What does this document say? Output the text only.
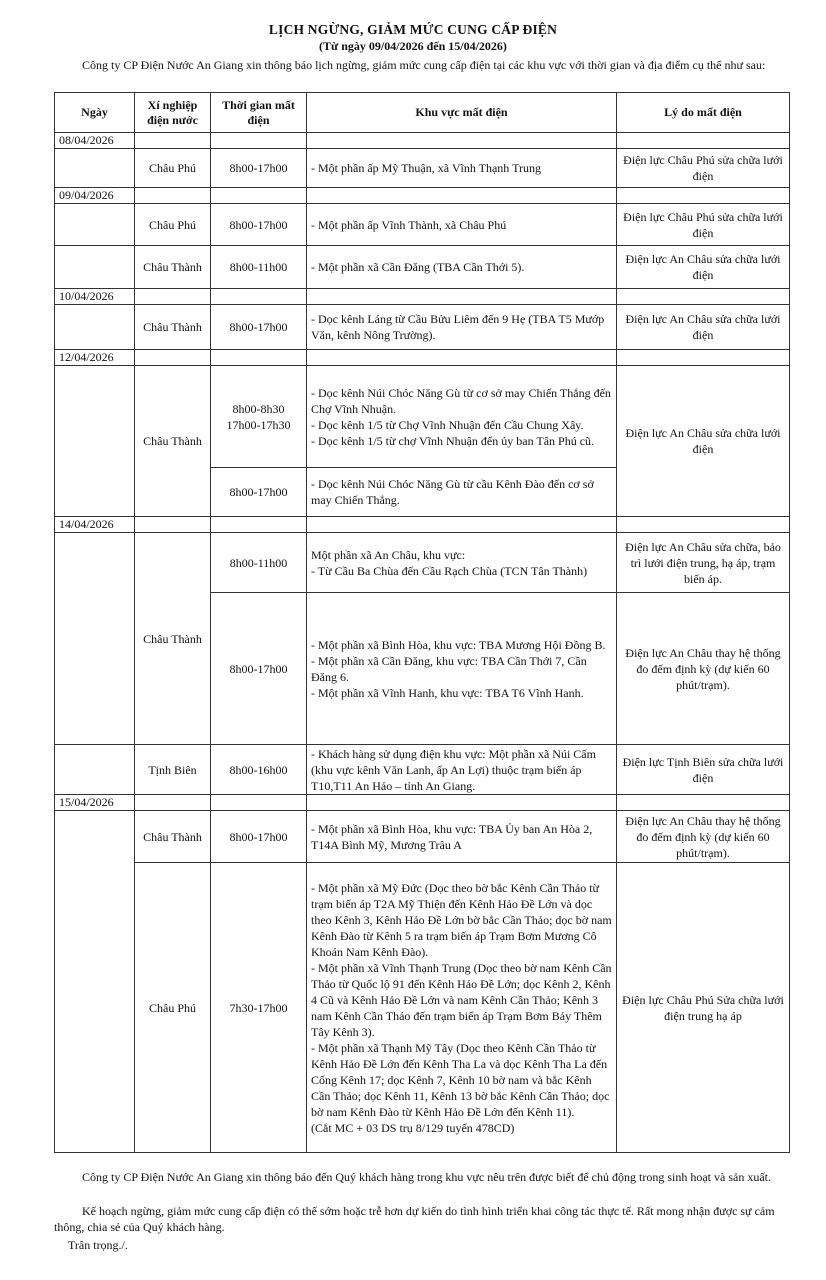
LỊCH NGỪNG, GIẢM MỨC CUNG CẤP ĐIỆN
(Từ ngày 09/04/2026 đến 15/04/2026)

Công ty CP Điện Nước An Giang xin thông báo lịch ngừng, giảm mức cung cấp điện tại các khu vực với thời gian và địa điểm cụ thể như sau:

Ngày	Xí nghiệp điện nước	Thời gian mất điện	Khu vực mất điện	Lý do mất điện
08/04/2026				
	Châu Phú	8h00-17h00	- Một phần ấp Mỹ Thuận, xã Vĩnh Thạnh Trung	Điện lực Châu Phú sửa chữa lưới điện
09/04/2026				
	Châu Phú	8h00-17h00	- Một phần ấp Vĩnh Thành, xã Châu Phú	Điện lực Châu Phú sửa chữa lưới điện
	Châu Thành	8h00-11h00	- Một phần xã Cần Đăng (TBA Cần Thới 5).	Điện lực An Châu sửa chữa lưới điện
10/04/2026				
	Châu Thành	8h00-17h00	- Dọc kênh Láng từ Cầu Bửu Liêm đến 9 Hẹ (TBA T5 Mướp Văn, kênh Nông Trường).	Điện lực An Châu sửa chữa lưới điện
12/04/2026				
	Châu Thành	8h00-8h30
17h00-17h30	- Dọc kênh Núi Chóc Năng Gù từ cơ sở may Chiến Thắng đến Chợ Vĩnh Nhuận.
- Dọc kênh 1/5 từ Chợ Vĩnh Nhuận đến Cầu Chung Xây.
- Dọc kênh 1/5 từ chợ Vĩnh Nhuận đến ủy ban Tân Phú cũ.	Điện lực An Châu sửa chữa lưới điện
		8h00-17h00	- Dọc kênh Núi Chóc Năng Gù từ cầu Kênh Đào đến cơ sở may Chiến Thắng.	
14/04/2026				
	Châu Thành	8h00-11h00	Một phần xã An Châu, khu vực:
- Từ Cầu Ba Chùa đến Cầu Rạch Chùa (TCN Tân Thành)	Điện lực An Châu sửa chữa, bảo trì lưới điện trung, hạ áp, trạm biến áp.
		8h00-17h00	- Một phần xã Bình Hòa, khu vực: TBA Mương Hội Đồng B.
- Một phần xã Cần Đăng, khu vực: TBA Cần Thới 7, Cần Đăng 6.
- Một phần xã Vĩnh Hanh, khu vực: TBA T6 Vĩnh Hanh.	Điện lực An Châu thay hệ thống đo đếm định kỳ (dự kiến 60 phút/trạm).
	Tịnh Biên	8h00-16h00	- Khách hàng sử dụng điện khu vực: Một phần xã Núi Cấm (khu vực kênh Văn Lanh, ấp An Lợi) thuộc trạm biến áp T10,T11 An Hảo – tỉnh An Giang.	Điện lực Tịnh Biên sửa chữa lưới điện
15/04/2026				
	Châu Thành	8h00-17h00	- Một phần xã Bình Hòa, khu vực: TBA Ủy ban An Hòa 2, T14A Bình Mỹ, Mương Trâu A	Điện lực An Châu thay hệ thống đo đếm định kỳ (dự kiến 60 phút/trạm).
	Châu Phú	7h30-17h00	- Một phần xã Mỹ Đức (Dọc theo bờ bắc Kênh Cần Thảo từ trạm biến áp T2A Mỹ Thiện đến Kênh Hảo Đề Lớn và dọc theo Kênh 3, Kênh Hảo Đề Lớn bờ bắc Cần Thảo; dọc bờ nam Kênh Đào từ Kênh 5 ra trạm biến áp Trạm Bơm Mương Cô Khoán Nam Kênh Đào).
- Một phần xã Vĩnh Thạnh Trung (Dọc theo bờ nam Kênh Cần Thảo từ Quốc lộ 91 đến Kênh Hảo Đề Lớn; dọc Kênh 2, Kênh 4 Cũ và Kênh Hảo Đề Lớn và nam Kênh Cần Thảo; Kênh 3 nam Kênh Cần Thảo đến trạm biến áp Trạm Bơm Bảy Thêm Tây Kênh 3).
- Một phần xã Thạnh Mỹ Tây (Dọc theo Kênh Cần Thảo từ Kênh Hảo Đề Lớn đến Kênh Tha La và dọc Kênh Tha La đến Cống Kênh 17; dọc Kênh 7, Kênh 10 bờ nam và bắc Kênh Cần Thảo; dọc Kênh 11, Kênh 13 bờ bắc Kênh Cần Thảo; dọc bờ nam Kênh Đào từ Kênh Hảo Đề Lớn đến Kênh 11).
(Cắt MC + 03 DS trụ 8/129 tuyến 478CD)	Điện lực Châu Phú Sửa chữa lưới điện trung hạ áp

Công ty CP Điện Nước An Giang xin thông báo đến Quý khách hàng trong khu vực nêu trên được biết để chủ động trong sinh hoạt và sản xuất.

Kế hoạch ngừng, giảm mức cung cấp điện có thể sớm hoặc trễ hơn dự kiến do tình hình triển khai công tác thực tế. Rất mong nhận được sự cảm thông, chia sẻ của Quý khách hàng.

Trân trọng./.
